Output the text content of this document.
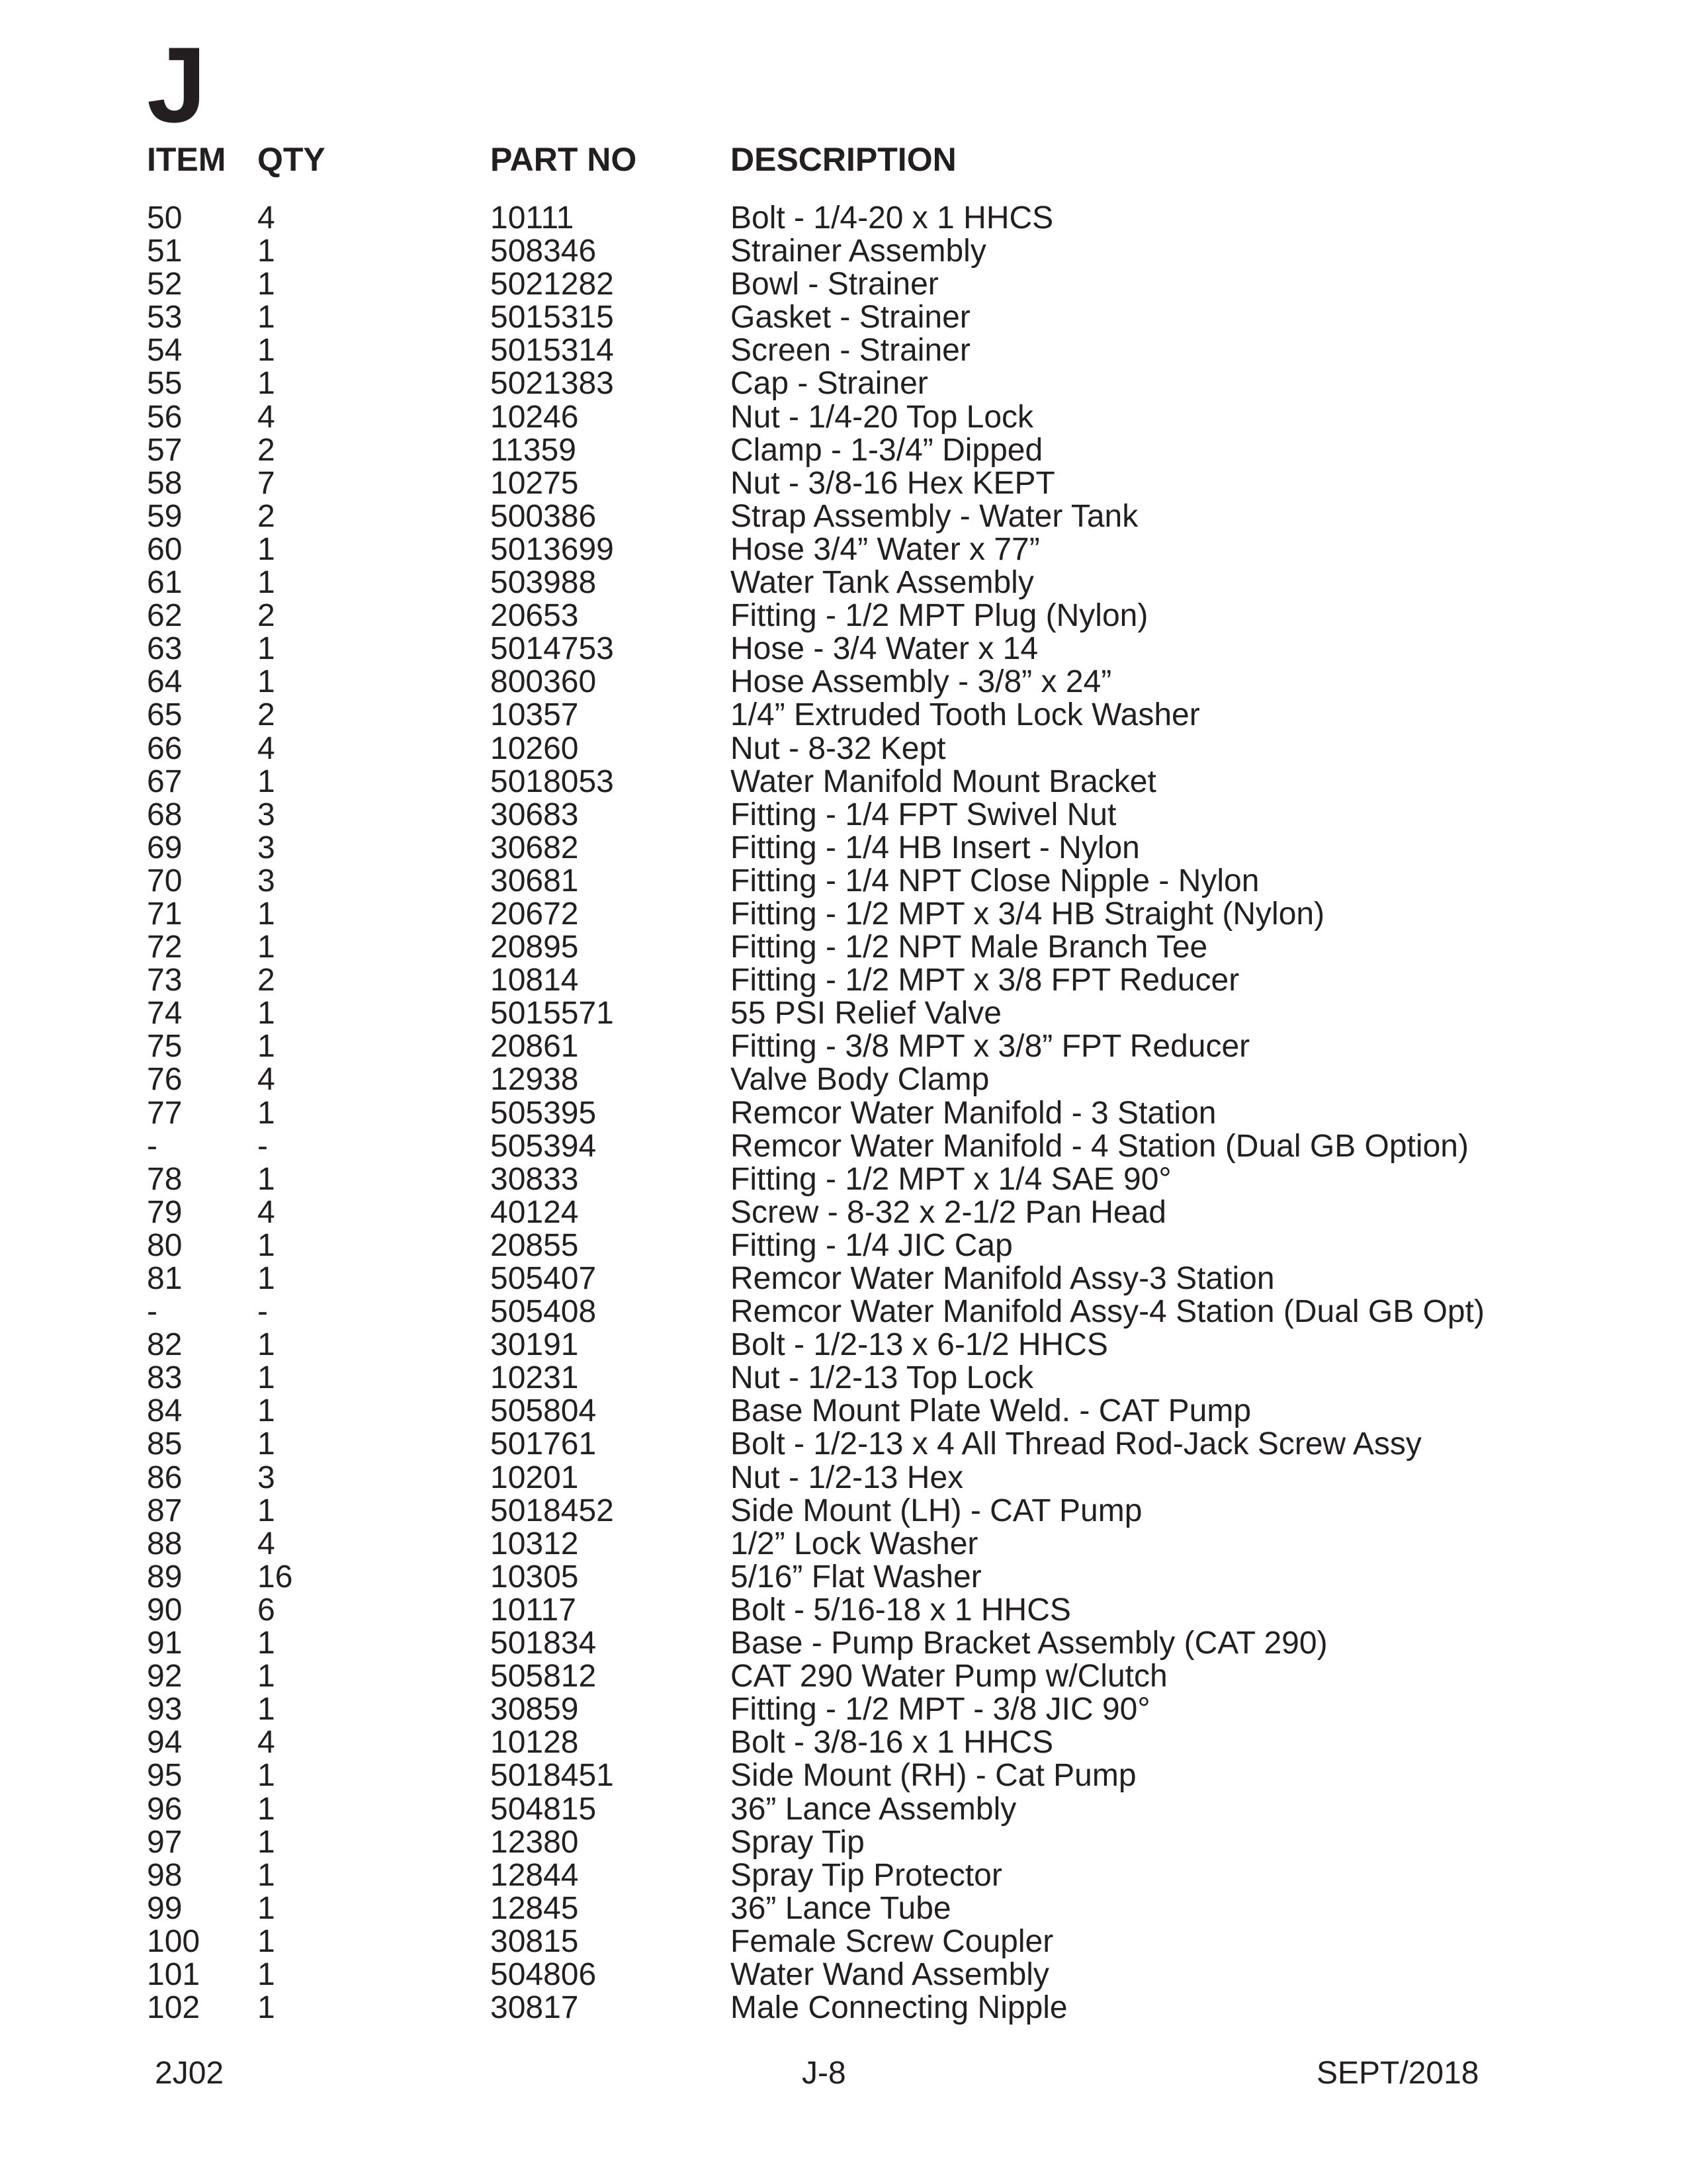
J
ITEM QTY	PART NO	DESCRIPTION
50 4	10111	Bolt - 1/4-20 x 1 HHCS
51 1	508346	Strainer Assembly
52 1	5021282	Bowl - Strainer
53 1	5015315	Gasket - Strainer
54 1	5015314	Screen - Strainer
55 1	5021383	Cap - Strainer
56 4	10246	Nut - 1/4-20 Top Lock
57 2	11359	Clamp - 1-3/4” Dipped
58 7	10275	Nut - 3/8-16 Hex KEPT
59 2	500386	Strap Assembly - Water Tank
60 1	5013699	Hose 3/4” Water x 77”
61 1	503988	Water Tank Assembly
62 2	20653	Fitting - 1/2 MPT Plug (Nylon)
63 1	5014753	Hose - 3/4 Water x 14
64 1	800360	Hose Assembly - 3/8” x 24”
65 2	10357	1/4” Extruded Tooth Lock Washer
66 4	10260	Nut - 8-32 Kept
67 1	5018053	Water Manifold Mount Bracket
68 3	30683	Fitting - 1/4 FPT Swivel Nut
69 3	30682	Fitting - 1/4 HB Insert - Nylon
70 3	30681	Fitting - 1/4 NPT Close Nipple - Nylon
71 1	20672	Fitting - 1/2 MPT x 3/4 HB Straight (Nylon)
72 1	20895	Fitting - 1/2 NPT Male Branch Tee
73 2	10814	Fitting - 1/2 MPT x 3/8 FPT Reducer
74 1	5015571	55 PSI Relief Valve
75 1	20861	Fitting - 3/8 MPT x 3/8” FPT Reducer
76 4	12938	Valve Body Clamp
77 1	505395	Remcor Water Manifold - 3 Station
-	-	505394	Remcor Water Manifold - 4 Station (Dual GB Option)
78 1	30833	Fitting - 1/2 MPT x 1/4 SAE 90°
79 4	40124	Screw - 8-32 x 2-1/2 Pan Head
80 1	20855	Fitting - 1/4 JIC Cap
81 1	505407	Remcor Water Manifold Assy-3 Station
-	-	505408	Remcor Water Manifold Assy-4 Station (Dual GB Opt)
82 1	30191	Bolt - 1/2-13 x 6-1/2 HHCS
83 1	10231	Nut - 1/2-13 Top Lock
84 1	505804	Base Mount Plate Weld. - CAT Pump
85 1	501761	Bolt - 1/2-13 x 4 All Thread Rod-Jack Screw Assy
86 3	10201	Nut - 1/2-13 Hex
87 1	5018452	Side Mount (LH) - CAT Pump
88 4	10312	1/2” Lock Washer
89 16	10305	5/16” Flat Washer
90 6	10117	Bolt - 5/16-18 x 1 HHCS
91 1	501834	Base - Pump Bracket Assembly (CAT 290)
92 1	505812	CAT 290 Water Pump w/Clutch
93 1	30859	Fitting - 1/2 MPT - 3/8 JIC 90°
94 4	10128	Bolt - 3/8-16 x 1 HHCS
95 1	5018451	Side Mount (RH) - Cat Pump
96 1	504815	36” Lance Assembly
97 1	12380	Spray Tip
98 1	12844	Spray Tip Protector
99 1	12845	36” Lance Tube
100 1	30815	Female Screw Coupler
101 1	504806	Water Wand Assembly
102 1	30817	Male Connecting Nipple
2J02	J-8	SEPT/2018
